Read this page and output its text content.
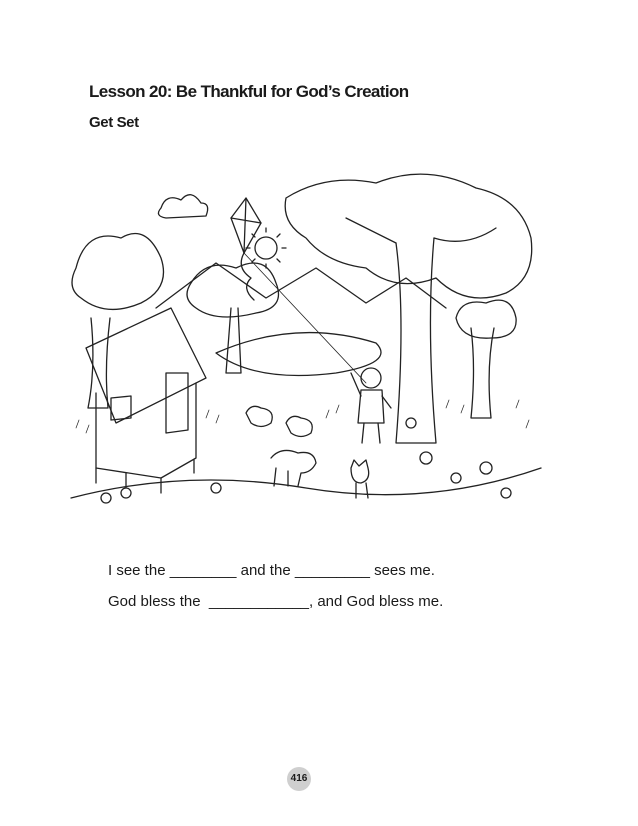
Lesson 20: Be Thankful for God’s Creation
Get Set
I see the ________ and the _________ sees me.
God bless the  ____________, and God bless me.
416
